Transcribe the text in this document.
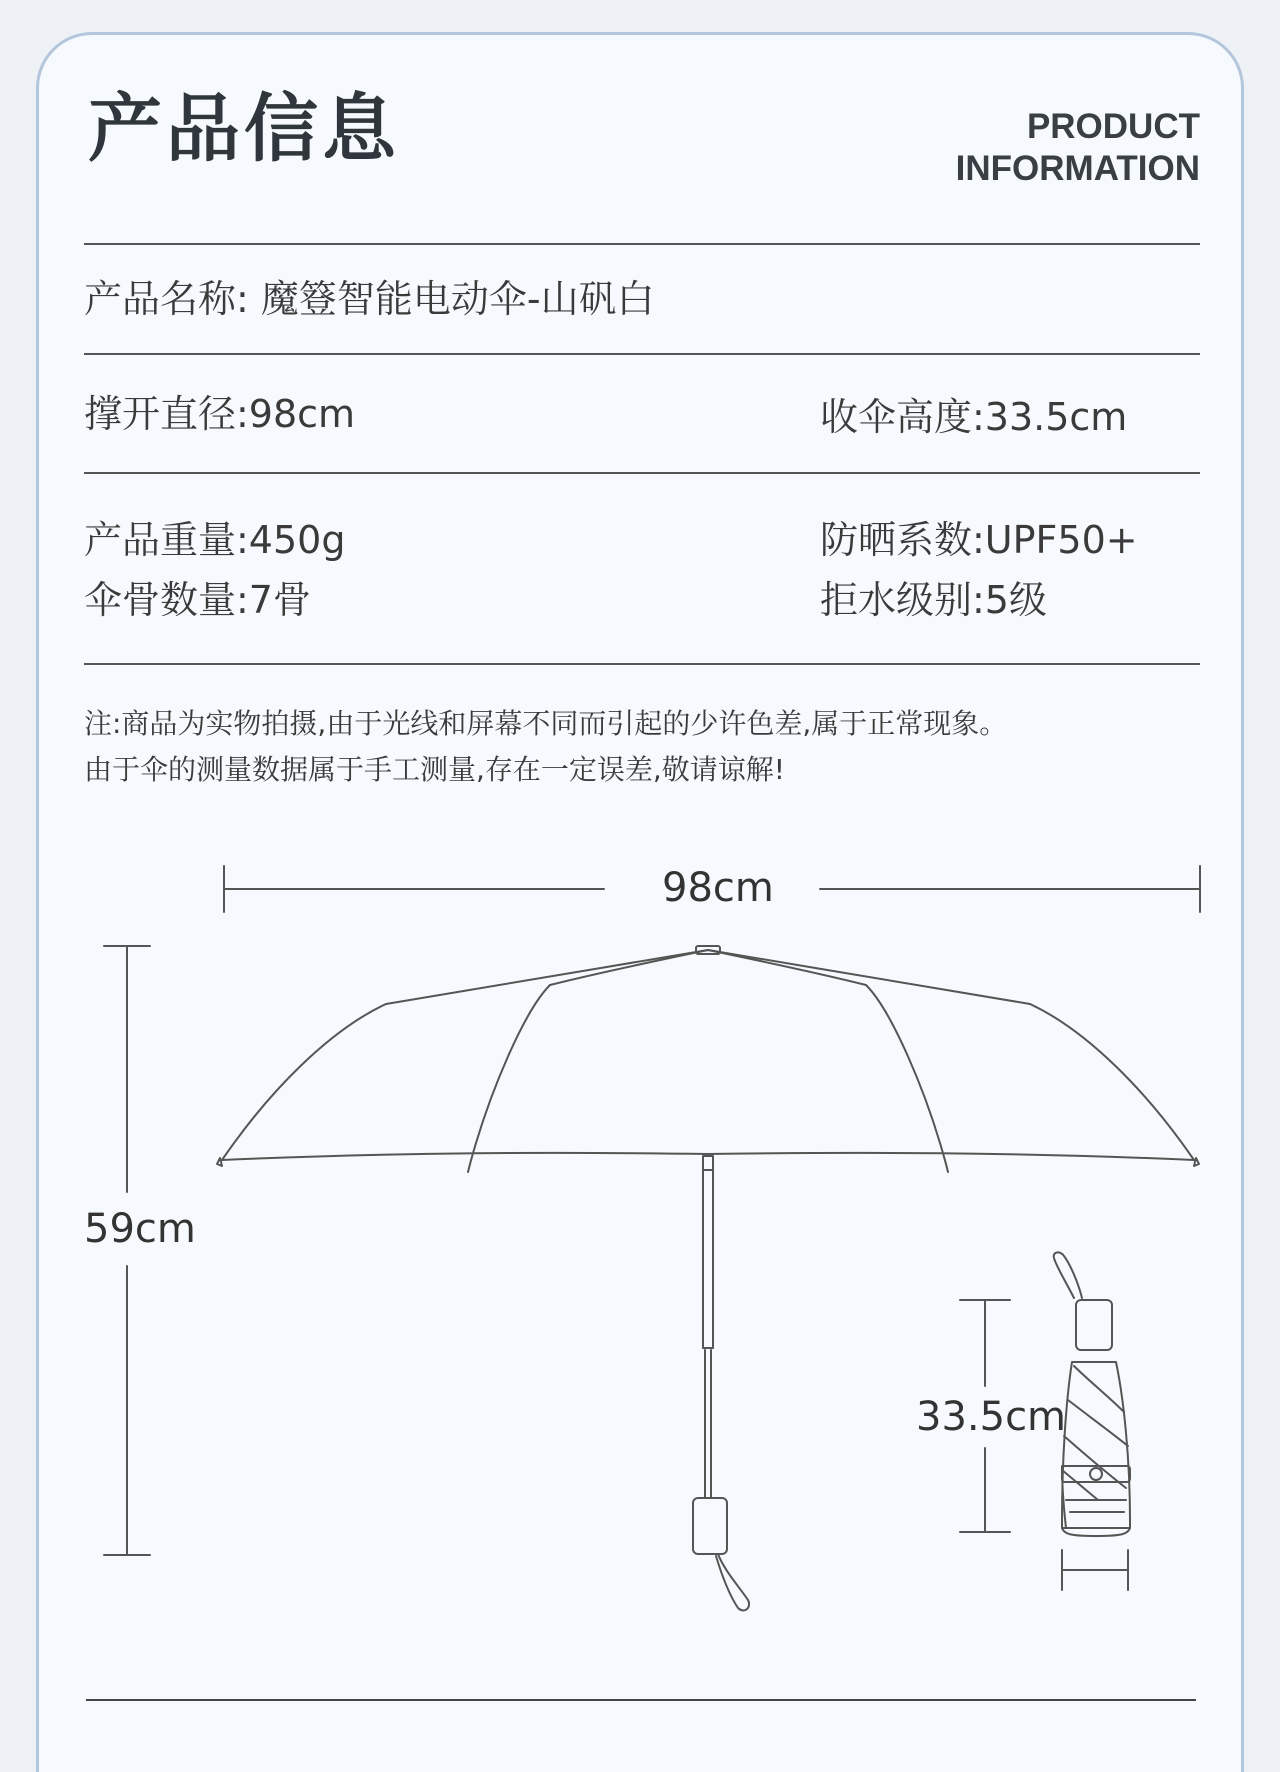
产品信息	PRODUCT
INFORMATION
产品名称: 魔簦智能电动伞-山矾白
撑开直径:98cm	收伞高度:33.5cm
产品重量:450g	防晒系数:UPF50+
伞骨数量:7骨	拒水级别:5级
注:商品为实物拍摄,由于光线和屏幕不同而引起的少许色差,属于正常现象。
由于伞的测量数据属于手工测量,存在一定误差,敬请谅解!
98cm
59cm
33.5cm
